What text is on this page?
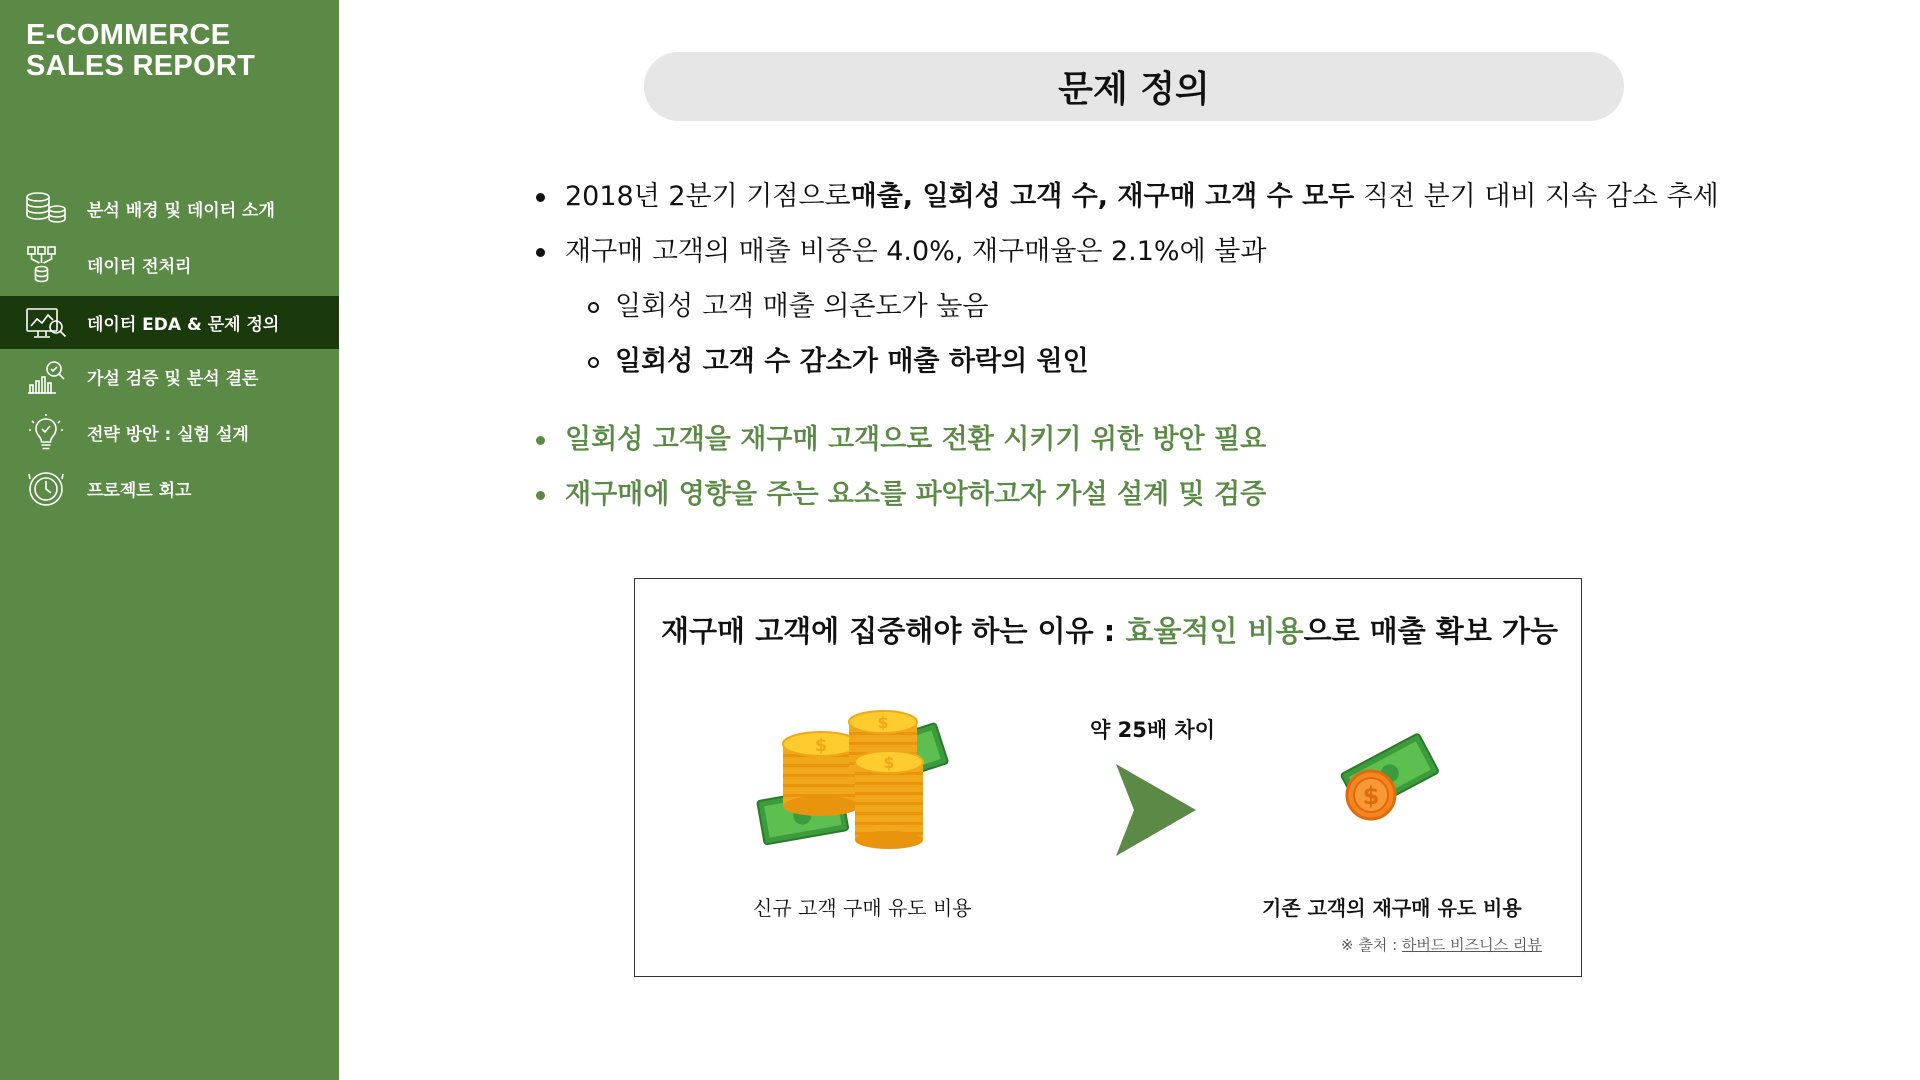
E-COMMERCE
SALES REPORT
분석 배경 및 데이터 소개
데이터 전처리
데이터 EDA & 문제 정의
가설 검증 및 분석 결론
전략 방안 : 실험 설계
프로젝트 회고
문제 정의
2018년 2분기 기점으로 매출, 일회성 고객 수, 재구매 고객 수 모두 직전 분기 대비 지속 감소 추세
재구매 고객의 매출 비중은 4.0%, 재구매율은 2.1%에 불과
일회성 고객 매출 의존도가 높음
일회성 고객 수 감소가 매출 하락의 원인
일회성 고객을 재구매 고객으로 전환 시키기 위한 방안 필요
재구매에 영향을 주는 요소를 파악하고자 가설 설계 및 검증
재구매 고객에 집중해야 하는 이유 : 효율적인 비용으로 매출 확보 가능
$
$
$
약 25배 차이
$
신규 고객 구매 유도 비용	기존 고객의 재구매 유도 비용
※ 출처 : 하버드 비즈니스 리뷰
